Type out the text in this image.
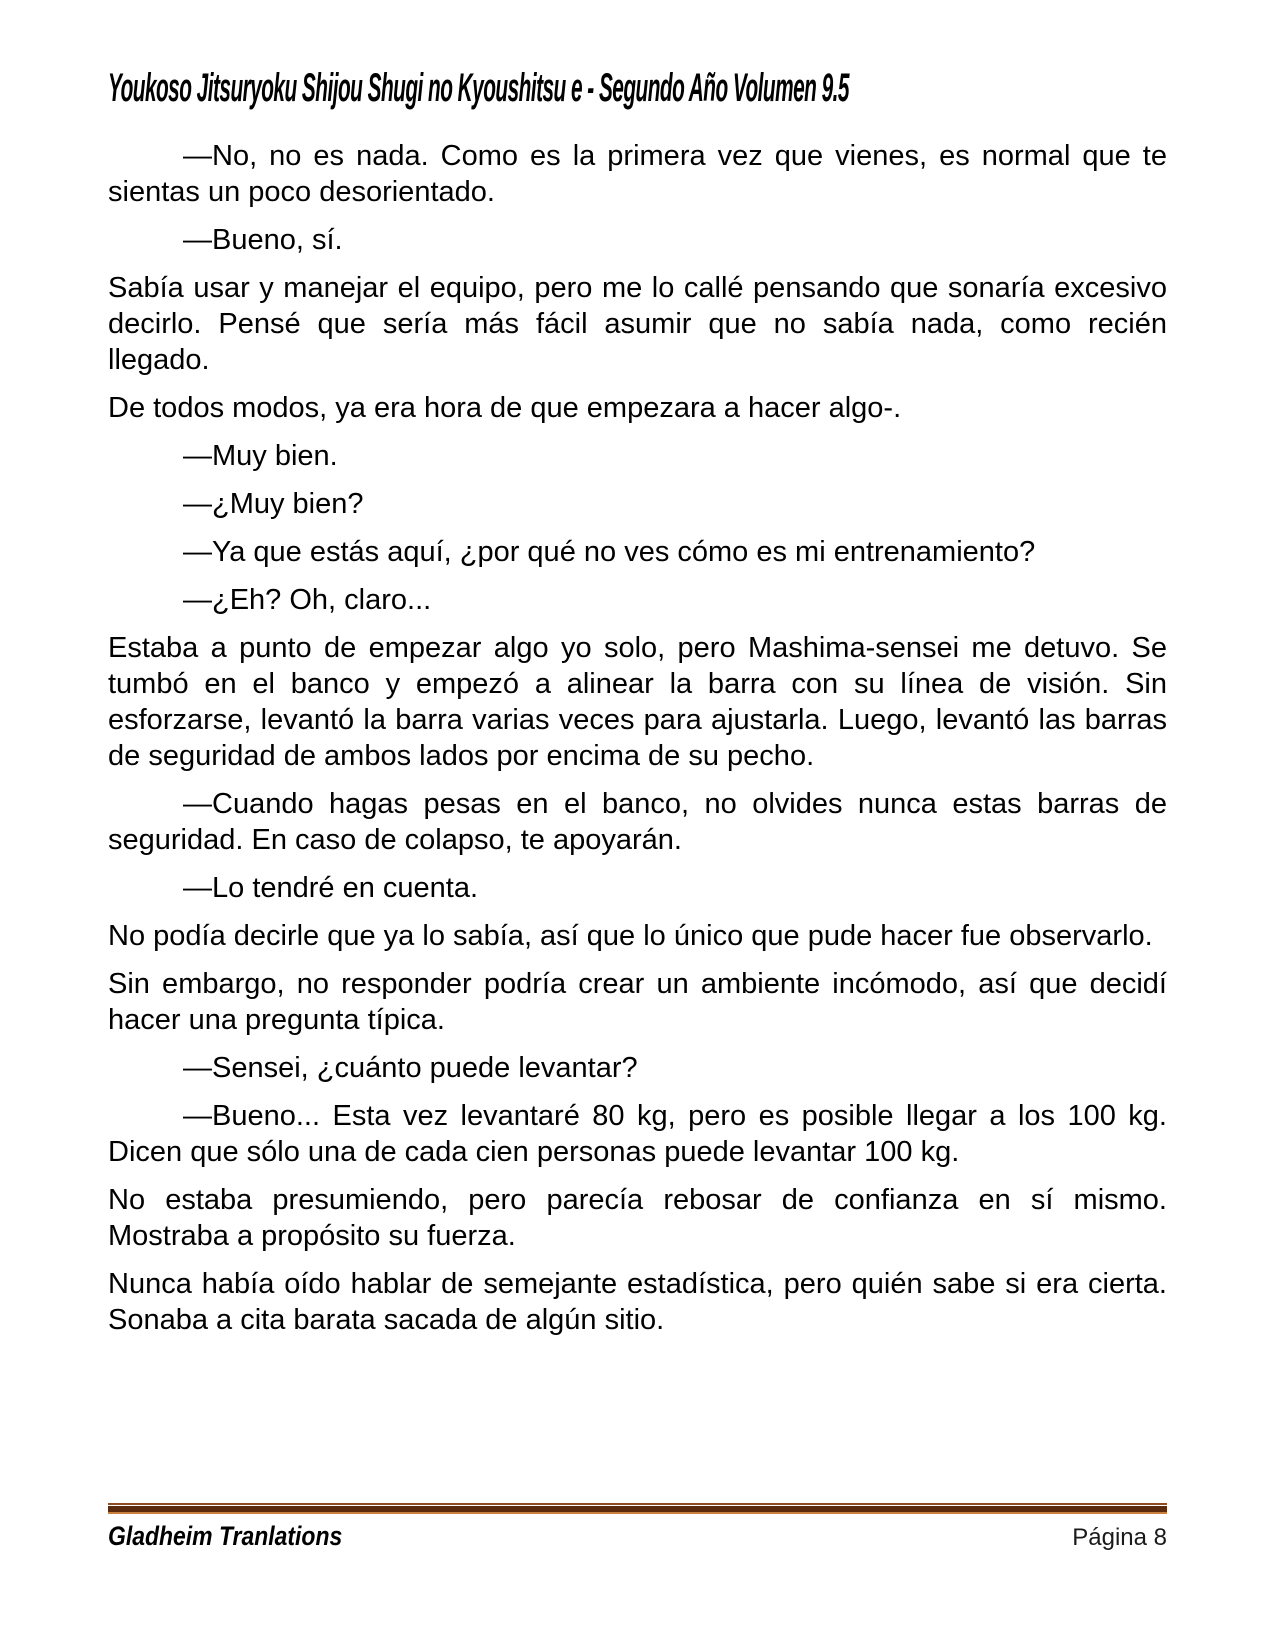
Youkoso Jitsuryoku Shijou Shugi no Kyoushitsu e - Segundo Año Volumen 9.5

—No, no es nada. Como es la primera vez que vienes, es normal que te sientas un poco desorientado.

—Bueno, sí.

Sabía usar y manejar el equipo, pero me lo callé pensando que sonaría excesivo decirlo. Pensé que sería más fácil asumir que no sabía nada, como recién llegado.

De todos modos, ya era hora de que empezara a hacer algo-.

—Muy bien.

—¿Muy bien?

—Ya que estás aquí, ¿por qué no ves cómo es mi entrenamiento?

—¿Eh? Oh, claro...

Estaba a punto de empezar algo yo solo, pero Mashima-sensei me detuvo. Se tumbó en el banco y empezó a alinear la barra con su línea de visión. Sin esforzarse, levantó la barra varias veces para ajustarla. Luego, levantó las barras de seguridad de ambos lados por encima de su pecho.

—Cuando hagas pesas en el banco, no olvides nunca estas barras de seguridad. En caso de colapso, te apoyarán.

—Lo tendré en cuenta.

No podía decirle que ya lo sabía, así que lo único que pude hacer fue observarlo.

Sin embargo, no responder podría crear un ambiente incómodo, así que decidí hacer una pregunta típica.

—Sensei, ¿cuánto puede levantar?

—Bueno... Esta vez levantaré 80 kg, pero es posible llegar a los 100 kg. Dicen que sólo una de cada cien personas puede levantar 100 kg.

No estaba presumiendo, pero parecía rebosar de confianza en sí mismo. Mostraba a propósito su fuerza.

Nunca había oído hablar de semejante estadística, pero quién sabe si era cierta. Sonaba a cita barata sacada de algún sitio.

Gladheim Tranlations	Página 8
